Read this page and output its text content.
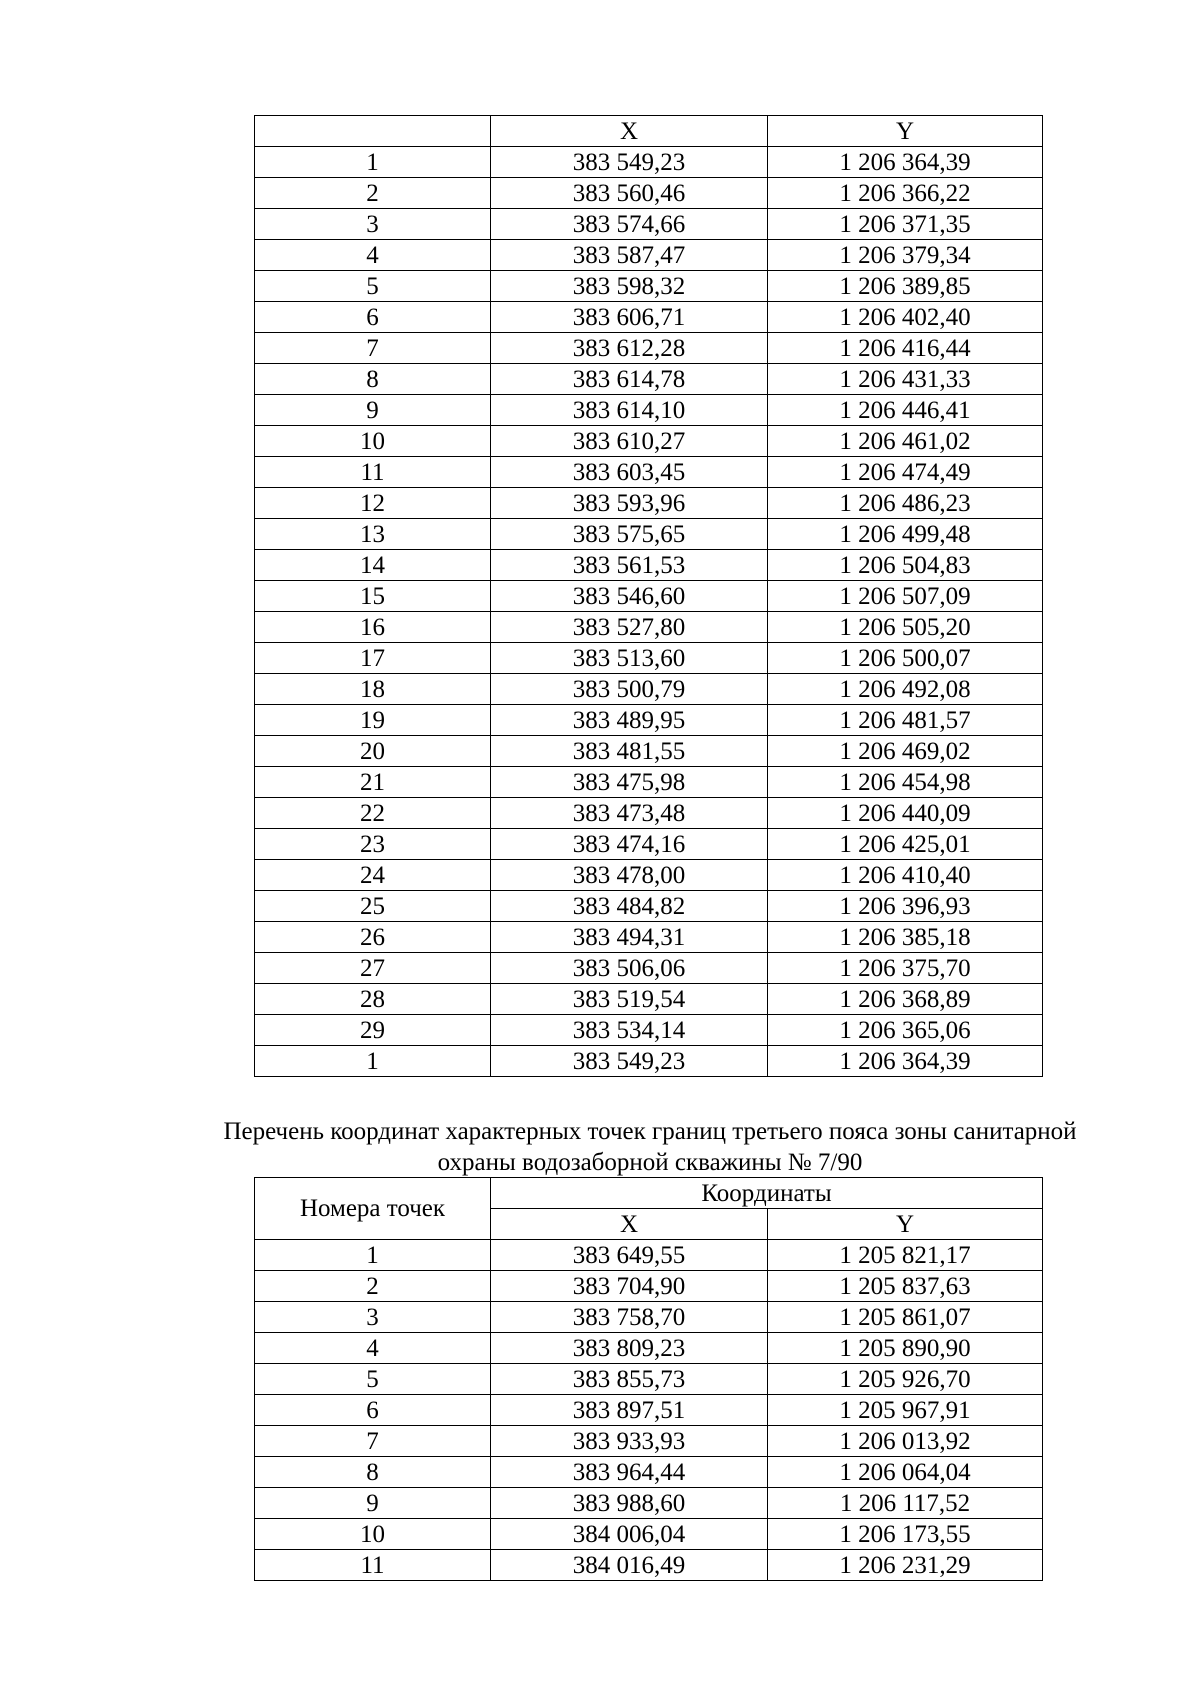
	X	Y
1	383 549,23	1 206 364,39
2	383 560,46	1 206 366,22
3	383 574,66	1 206 371,35
4	383 587,47	1 206 379,34
5	383 598,32	1 206 389,85
6	383 606,71	1 206 402,40
7	383 612,28	1 206 416,44
8	383 614,78	1 206 431,33
9	383 614,10	1 206 446,41
10	383 610,27	1 206 461,02
11	383 603,45	1 206 474,49
12	383 593,96	1 206 486,23
13	383 575,65	1 206 499,48
14	383 561,53	1 206 504,83
15	383 546,60	1 206 507,09
16	383 527,80	1 206 505,20
17	383 513,60	1 206 500,07
18	383 500,79	1 206 492,08
19	383 489,95	1 206 481,57
20	383 481,55	1 206 469,02
21	383 475,98	1 206 454,98
22	383 473,48	1 206 440,09
23	383 474,16	1 206 425,01
24	383 478,00	1 206 410,40
25	383 484,82	1 206 396,93
26	383 494,31	1 206 385,18
27	383 506,06	1 206 375,70
28	383 519,54	1 206 368,89
29	383 534,14	1 206 365,06
1	383 549,23	1 206 364,39
Перечень координат характерных точек границ третьего пояса зоны санитарной
охраны водозаборной скважины № 7/90
Номера точек	Координаты	
	X	Y
1	383 649,55	1 205 821,17
2	383 704,90	1 205 837,63
3	383 758,70	1 205 861,07
4	383 809,23	1 205 890,90
5	383 855,73	1 205 926,70
6	383 897,51	1 205 967,91
7	383 933,93	1 206 013,92
8	383 964,44	1 206 064,04
9	383 988,60	1 206 117,52
10	384 006,04	1 206 173,55
11	384 016,49	1 206 231,29
